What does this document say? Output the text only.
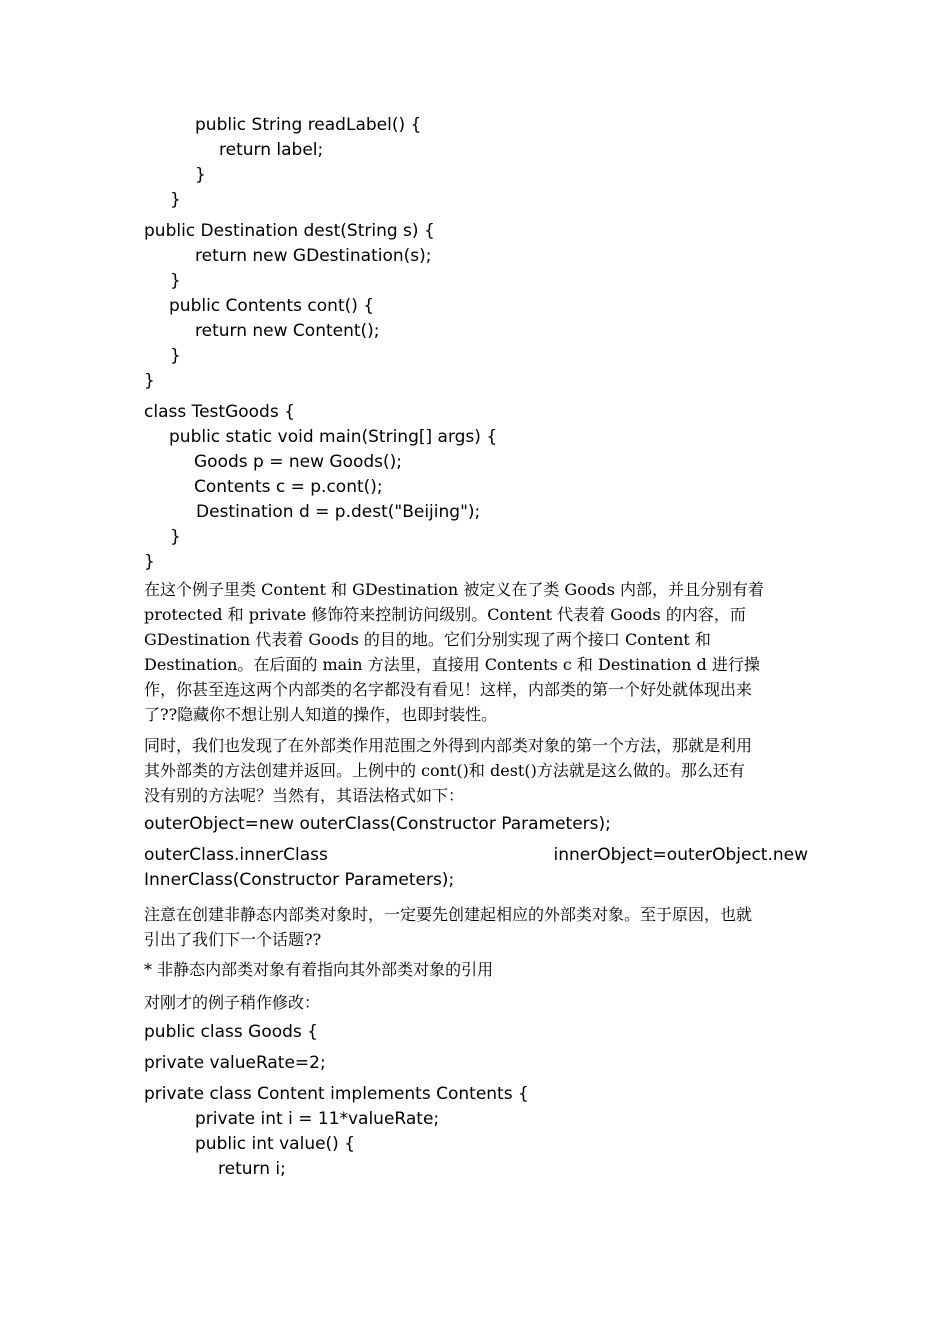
public String readLabel() {
return label;
}
}
public Destination dest(String s) {
return new GDestination(s);
}
public Contents cont() {
return new Content();
}
}
class TestGoods {
public static void main(String[] args) {
Goods p = new Goods();
Contents c = p.cont();
Destination d = p.dest("Beijing");
}
}
在这个例子里类 Content 和 GDestination 被定义在了类 Goods 内部，并且分别有着
protected 和 private 修饰符来控制访问级别。Content 代表着 Goods 的内容，而
GDestination 代表着 Goods 的目的地。它们分别实现了两个接口 Content 和
Destination。在后面的 main 方法里，直接用 Contents c 和 Destination d 进行操
作，你甚至连这两个内部类的名字都没有看见！这样，内部类的第一个好处就体现出来
了??隐藏你不想让别人知道的操作，也即封装性。
同时，我们也发现了在外部类作用范围之外得到内部类对象的第一个方法，那就是利用
其外部类的方法创建并返回。上例中的 cont()和 dest()方法就是这么做的。那么还有
没有别的方法呢？当然有，其语法格式如下：
outerObject=new outerClass(Constructor Parameters);
outerClass.innerClass	innerObject=outerObject.new
InnerClass(Constructor Parameters);
注意在创建非静态内部类对象时，一定要先创建起相应的外部类对象。至于原因，也就
引出了我们下一个话题??
* 非静态内部类对象有着指向其外部类对象的引用
对刚才的例子稍作修改：
public class Goods {
private valueRate=2;
private class Content implements Contents {
private int i = 11*valueRate;
public int value() {
return i;
